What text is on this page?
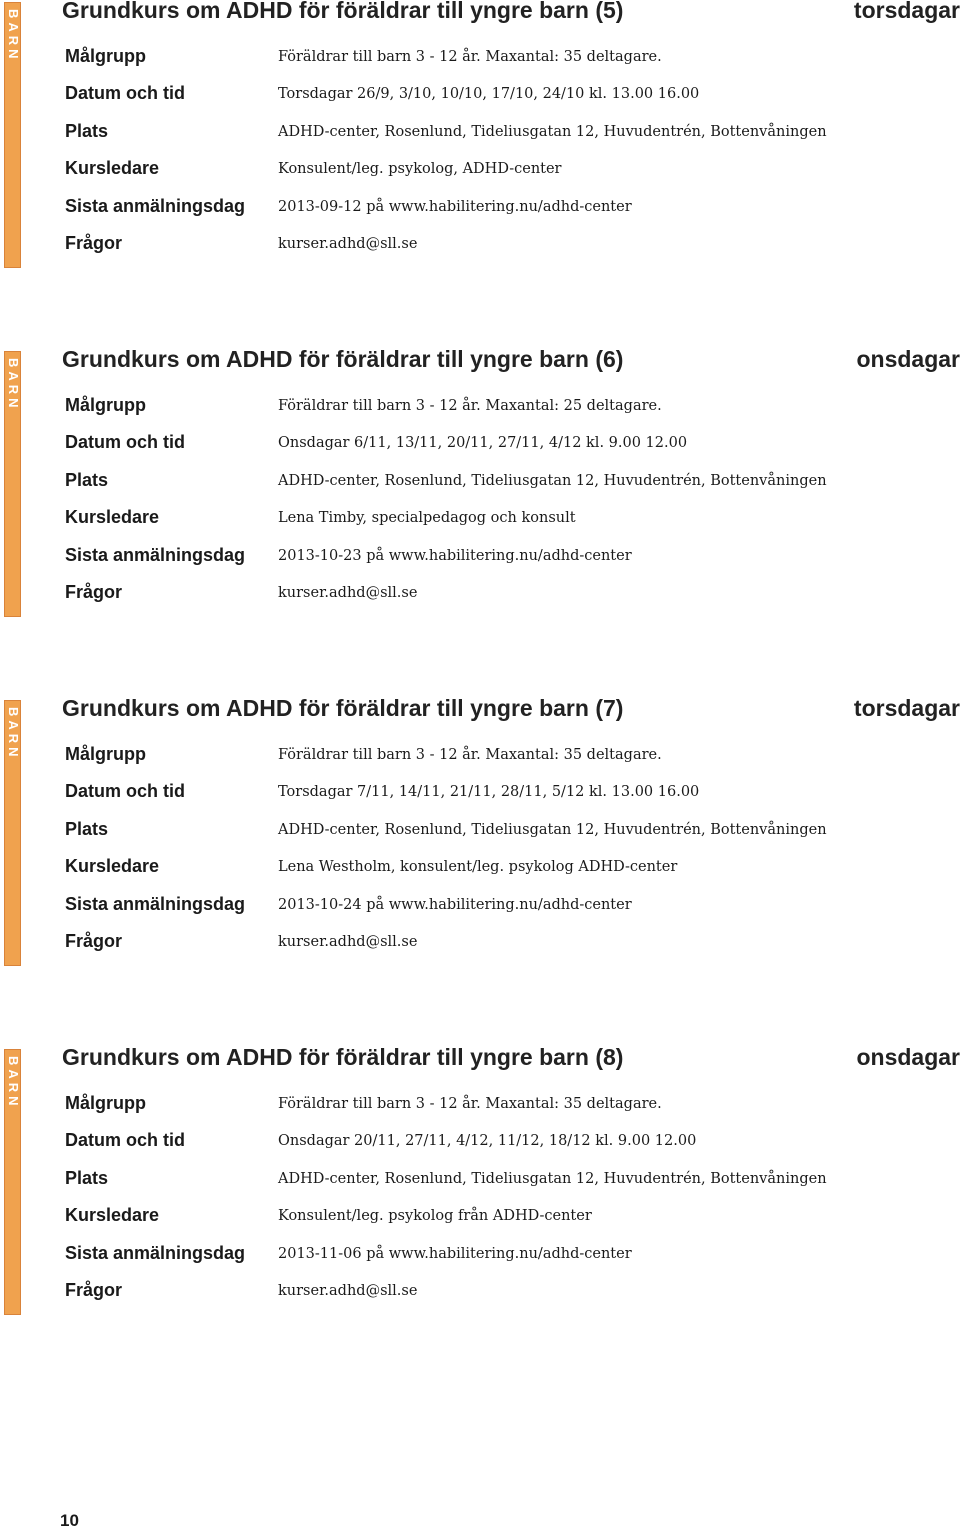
BARN Grundkurs om ADHD för föräldrar till yngre barn (5)	torsdagar
Målgrupp	Föräldrar till barn 3 - 12 år. Maxantal: 35 deltagare.
Datum och tid	Torsdagar 26/9, 3/10, 10/10, 17/10, 24/10 kl. 13.00 16.00
Plats	ADHD-center, Rosenlund, Tideliusgatan 12, Huvudentrén, Bottenvåningen
Kursledare	Konsulent/leg. psykolog, ADHD-center
Sista anmälningsdag 2013-09-12 på www.habilitering.nu/adhd-center
Frågor	kurser.adhd@sll.se
BARN Grundkurs om ADHD för föräldrar till yngre barn (6)	onsdagar
Målgrupp	Föräldrar till barn 3 - 12 år. Maxantal: 25 deltagare.
Datum och tid	Onsdagar 6/11, 13/11, 20/11, 27/11, 4/12 kl. 9.00 12.00
Plats	ADHD-center, Rosenlund, Tideliusgatan 12, Huvudentrén, Bottenvåningen
Kursledare	Lena Timby, specialpedagog och konsult
Sista anmälningsdag 2013-10-23 på www.habilitering.nu/adhd-center
Frågor	kurser.adhd@sll.se
BARN Grundkurs om ADHD för föräldrar till yngre barn (7)	torsdagar
Målgrupp	Föräldrar till barn 3 - 12 år. Maxantal: 35 deltagare.
Datum och tid	Torsdagar 7/11, 14/11, 21/11, 28/11, 5/12 kl. 13.00 16.00
Plats	ADHD-center, Rosenlund, Tideliusgatan 12, Huvudentrén, Bottenvåningen
Kursledare	Lena Westholm, konsulent/leg. psykolog ADHD-center
Sista anmälningsdag 2013-10-24 på www.habilitering.nu/adhd-center
Frågor	kurser.adhd@sll.se
BARN Grundkurs om ADHD för föräldrar till yngre barn (8)	onsdagar
Målgrupp	Föräldrar till barn 3 - 12 år. Maxantal: 35 deltagare.
Datum och tid	Onsdagar 20/11, 27/11, 4/12, 11/12, 18/12 kl. 9.00 12.00
Plats	ADHD-center, Rosenlund, Tideliusgatan 12, Huvudentrén, Bottenvåningen
Kursledare	Konsulent/leg. psykolog från ADHD-center
Sista anmälningsdag 2013-11-06 på www.habilitering.nu/adhd-center
Frågor	kurser.adhd@sll.se
10
